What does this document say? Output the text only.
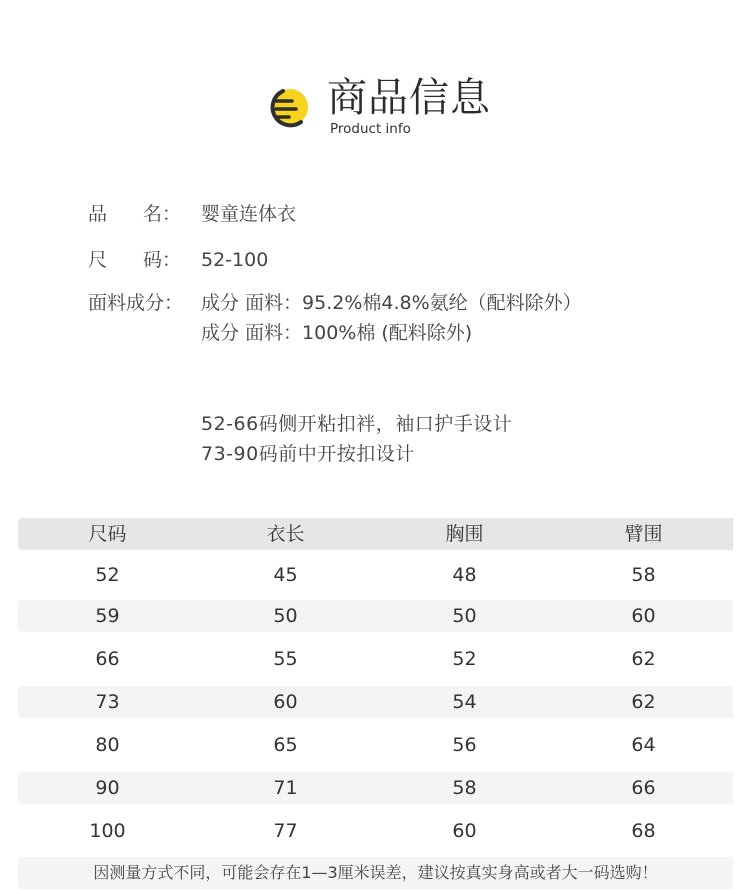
商品信息
Product info
品 名：	婴童连体衣
尺 码：	52-100
面料成分： 成分 面料：95.2%棉4.8%氨纶（配料除外）
成分 面料：100%棉 (配料除外)
52-66码侧开粘扣袢，袖口护手设计
73-90码前中开按扣设计
尺码	衣长	胸围	臂围
52	45	48	58
59	50	50	60
66	55	52	62
73	60	54	62
80	65	56	64
90	71	58	66
100	77	60	68
因测量方式不同，可能会存在1—3厘米误差，建议按真实身高或者大一码选购！
